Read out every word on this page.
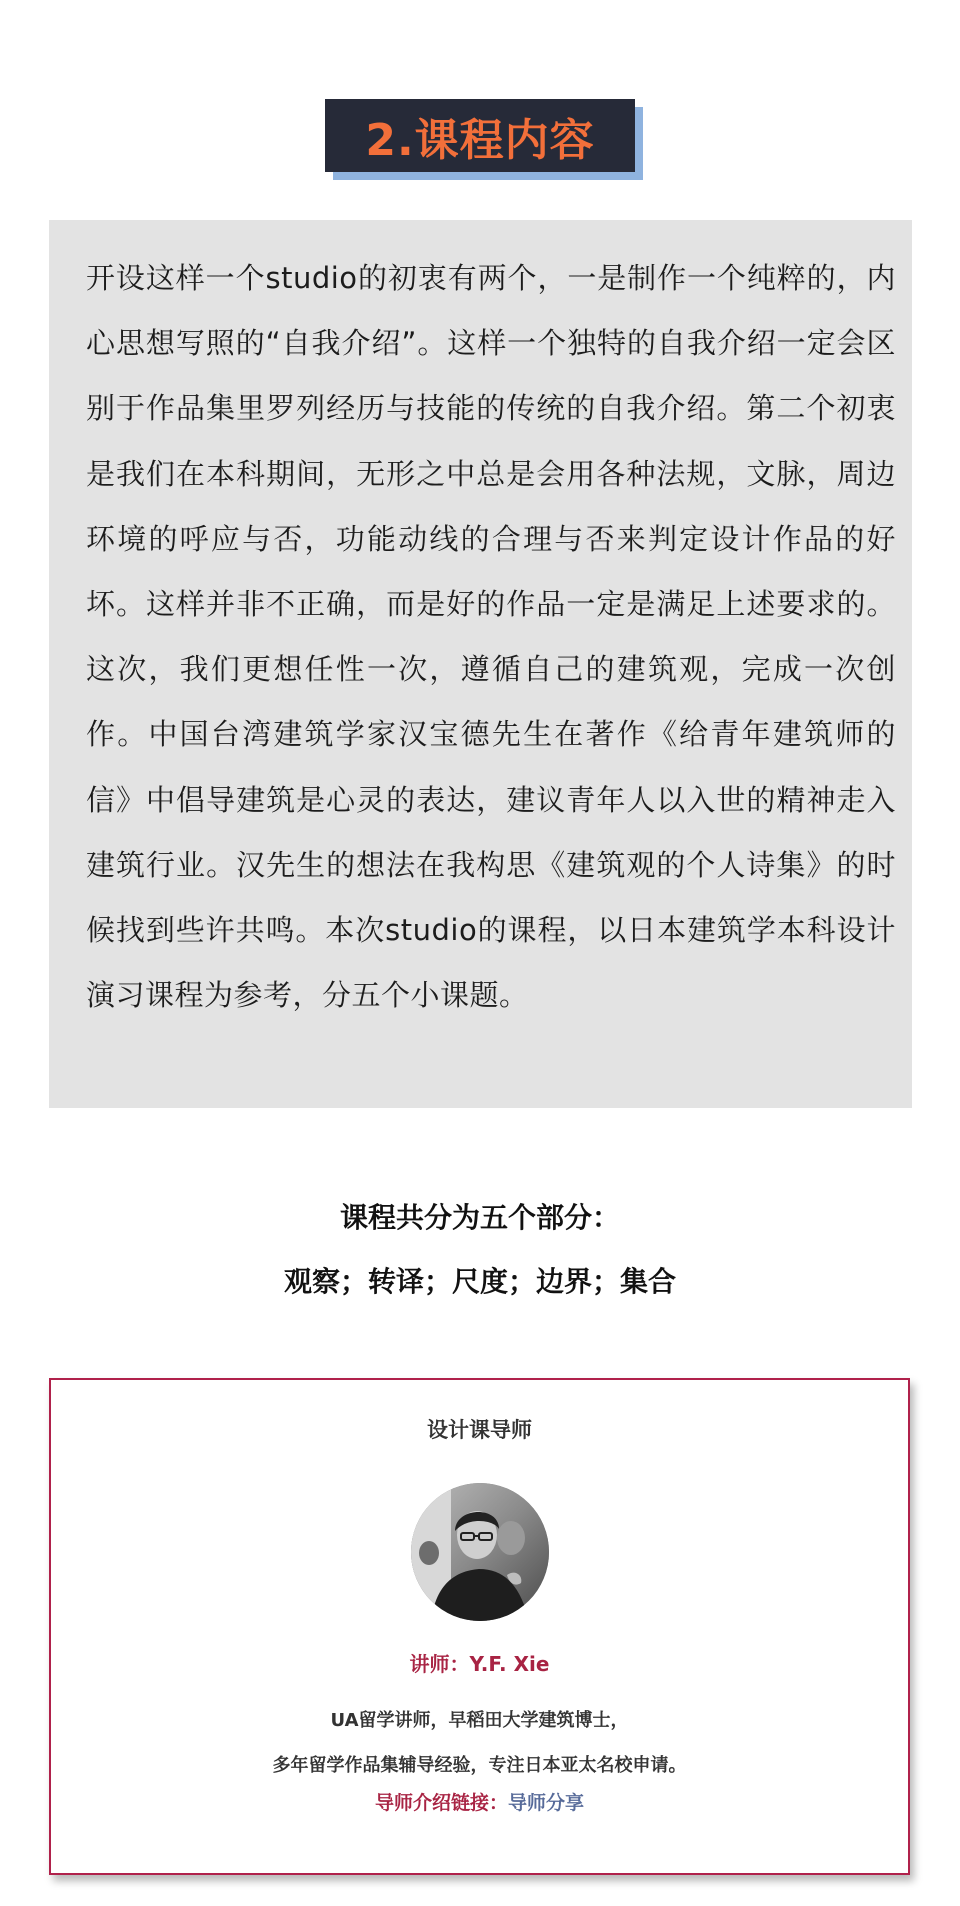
2.课程内容
开设这样一个studio的初衷有两个，一是制作一个纯粹的，内心思想写照的“自我介绍”。这样一个独特的自我介绍一定会区别于作品集里罗列经历与技能的传统的自我介绍。第二个初衷是我们在本科期间，无形之中总是会用各种法规，文脉，周边环境的呼应与否，功能动线的合理与否来判定设计作品的好坏。这样并非不正确，而是好的作品一定是满足上述要求的。这次，我们更想任性一次，遵循自己的建筑观，完成一次创作。中国台湾建筑学家汉宝德先生在著作《给青年建筑师的信》中倡导建筑是心灵的表达，建议青年人以入世的精神走入建筑行业。汉先生的想法在我构思《建筑观的个人诗集》的时候找到些许共鸣。本次studio的课程，以日本建筑学本科设计演习课程为参考，分五个小课题。
课程共分为五个部分：
观察；转译；尺度；边界；集合
设计课导师
讲师：Y.F. Xie
UA留学讲师，早稻田大学建筑博士，
多年留学作品集辅导经验，专注日本亚太名校申请。
导师介绍链接：导师分享
